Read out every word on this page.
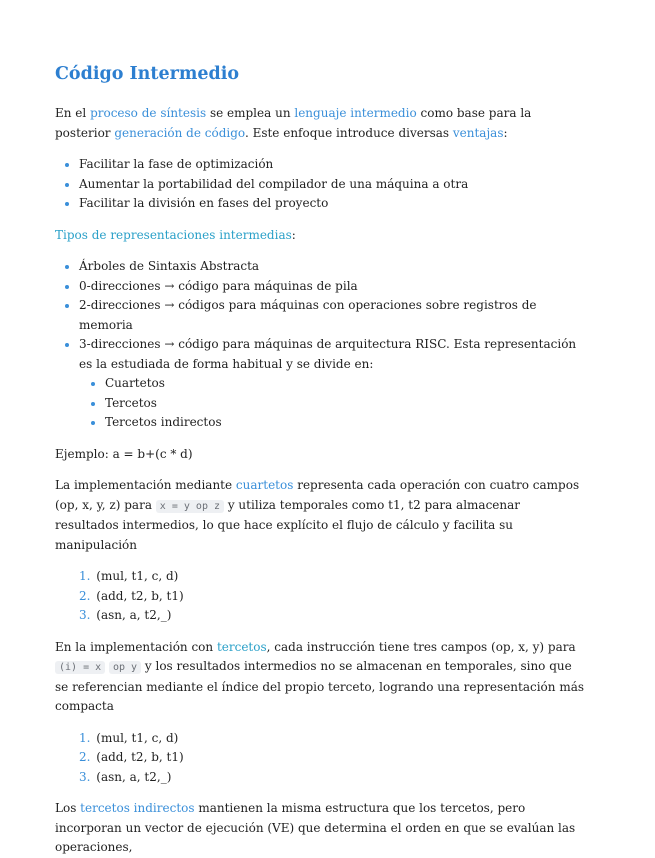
Código Intermedio

En el proceso de síntesis se emplea un lenguaje intermedio como base para la posterior generación de código. Este enfoque introduce diversas ventajas:

Facilitar la fase de optimización
Aumentar la portabilidad del compilador de una máquina a otra
Facilitar la división en fases del proyecto

Tipos de representaciones intermedias:

Árboles de Sintaxis Abstracta
0-direcciones → código para máquinas de pila
2-direcciones → códigos para máquinas con operaciones sobre registros de memoria
3-direcciones → código para máquinas de arquitectura RISC. Esta representación es la estudiada de forma habitual y se divide en:
Cuartetos
Tercetos
Tercetos indirectos

Ejemplo: a = b+(c * d)

La implementación mediante cuartetos representa cada operación con cuatro campos (op, x, y, z) para x = y op z y utiliza temporales como t1, t2 para almacenar resultados intermedios, lo que hace explícito el flujo de cálculo y facilita su manipulación

1. (mul, t1, c, d)
2. (add, t2, b, t1)
3. (asn, a, t2,_)

En la implementación con tercetos, cada instrucción tiene tres campos (op, x, y) para (i) = x op y y los resultados intermedios no se almacenan en temporales, sino que se referencian mediante el índice del propio terceto, logrando una representación más compacta

1. (mul, t1, c, d)
2. (add, t2, b, t1)
3. (asn, a, t2,_)

Los tercetos indirectos mantienen la misma estructura que los tercetos, pero incorporan un vector de ejecución (VE) que determina el orden en que se evalúan las operaciones,
